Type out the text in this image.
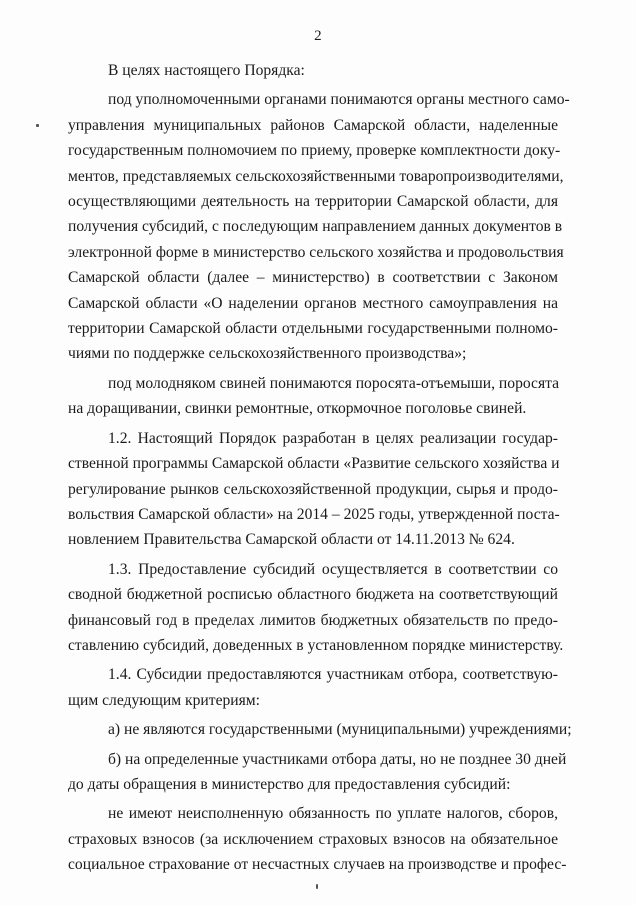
2
В целях настоящего Порядка:
под уполномоченными органами понимаются органы местного само-
управления муниципальных районов Самарской области, наделенные
государственным полномочием по приему, проверке комплектности доку-
ментов, представляемых сельскохозяйственными товаропроизводителями,
осуществляющими деятельность на территории Самарской области, для
получения субсидий, с последующим направлением данных документов в
электронной форме в министерство сельского хозяйства и продовольствия
Самарской области (далее – министерство) в соответствии с Законом
Самарской области «О наделении органов местного самоуправления на
территории Самарской области отдельными государственными полномо-
чиями по поддержке сельскохозяйственного производства»;
под молодняком свиней понимаются поросята-отъемыши, поросята
на доращивании, свинки ремонтные, откормочное поголовье свиней.
1.2. Настоящий Порядок разработан в целях реализации государ-
ственной программы Самарской области «Развитие сельского хозяйства и
регулирование рынков сельскохозяйственной продукции, сырья и продо-
вольствия Самарской области» на 2014 – 2025 годы, утвержденной поста-
новлением Правительства Самарской области от 14.11.2013 № 624.
1.3. Предоставление субсидий осуществляется в соответствии со
сводной бюджетной росписью областного бюджета на соответствующий
финансовый год в пределах лимитов бюджетных обязательств по предо-
ставлению субсидий, доведенных в установленном порядке министерству.
1.4. Субсидии предоставляются участникам отбора, соответствую-
щим следующим критериям:
а) не являются государственными (муниципальными) учреждениями;
б) на определенные участниками отбора даты, но не позднее 30 дней
до даты обращения в министерство для предоставления субсидий:
не имеют неисполненную обязанность по уплате налогов, сборов,
страховых взносов (за исключением страховых взносов на обязательное
социальное страхование от несчастных случаев на производстве и профес-
